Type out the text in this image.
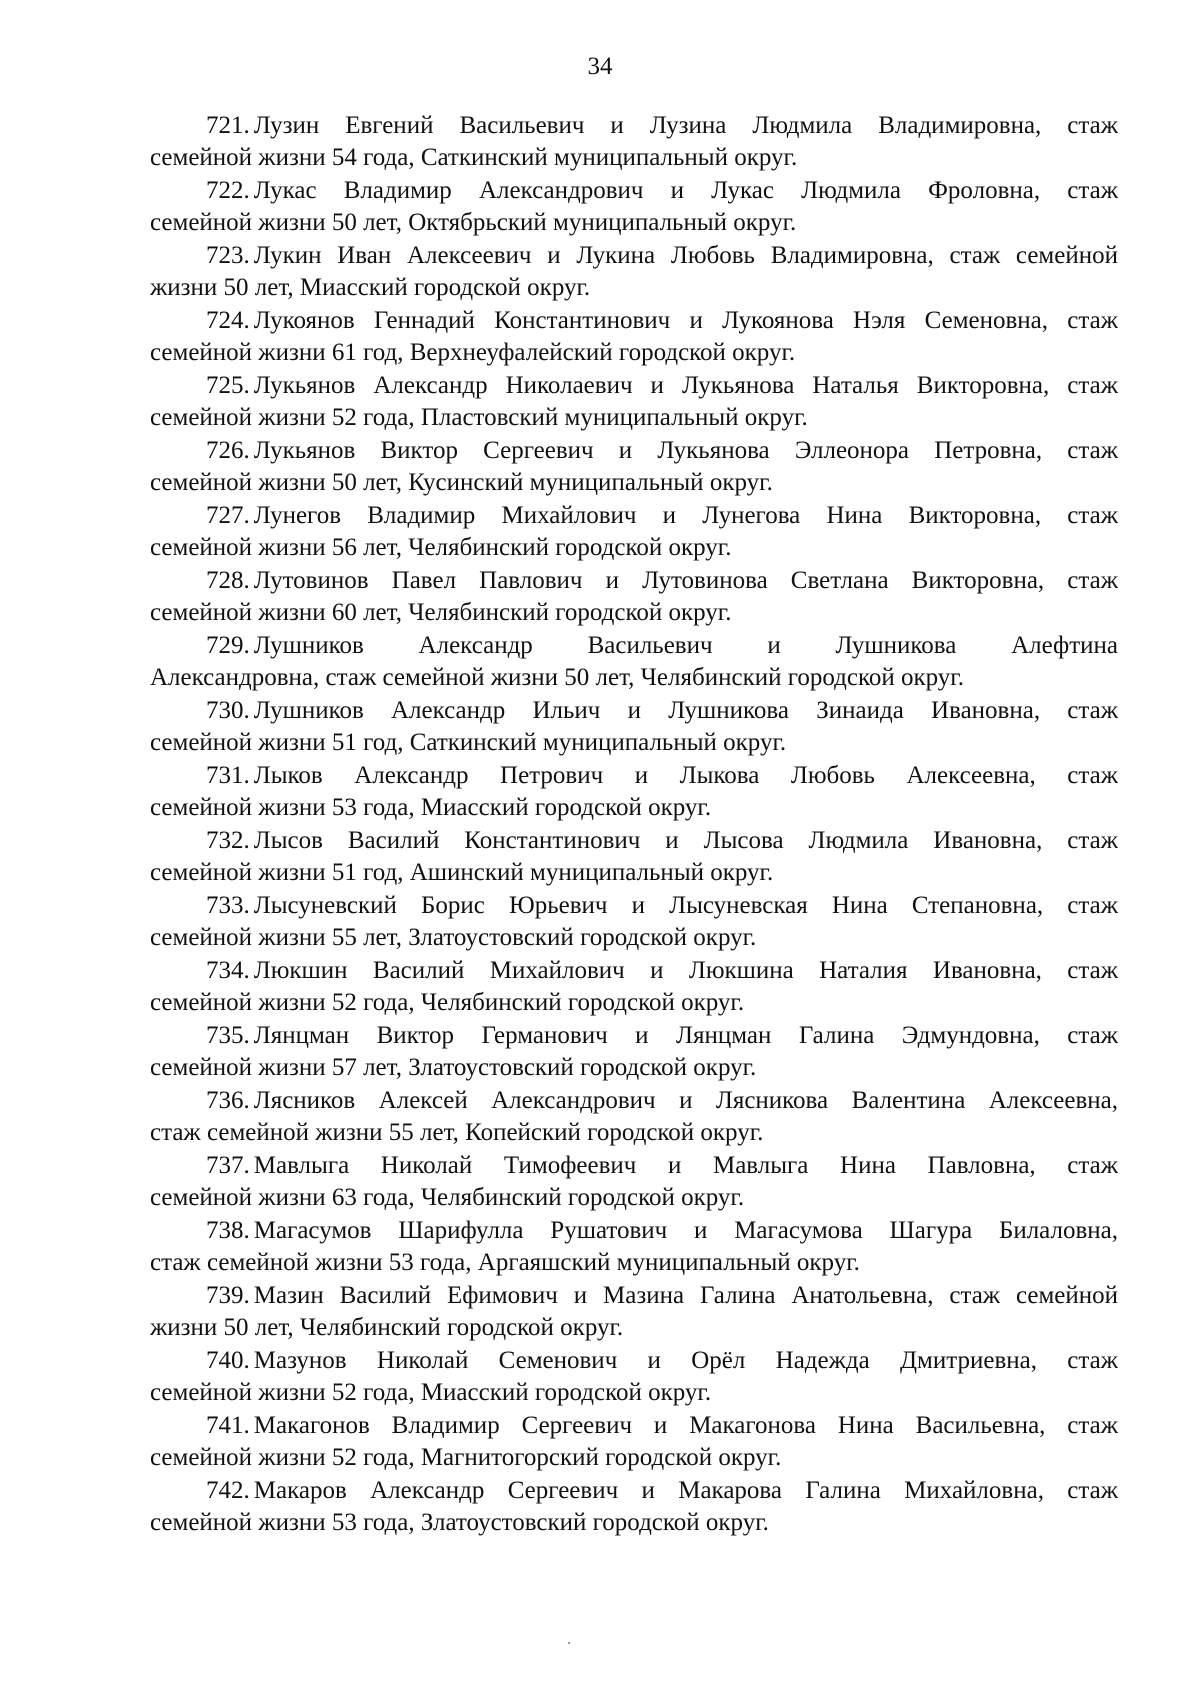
34
721. Лузин Евгений Васильевич и Лузина Людмила Владимировна, стаж
семейной жизни 54 года, Саткинский муниципальный округ.
722. Лукас Владимир Александрович и Лукас Людмила Фроловна, стаж
семейной жизни 50 лет, Октябрьский муниципальный округ.
723. Лукин Иван Алексеевич и Лукина Любовь Владимировна, стаж семейной
жизни 50 лет, Миасский городской округ.
724. Лукоянов Геннадий Константинович и Лукоянова Нэля Семеновна, стаж
семейной жизни 61 год, Верхнеуфалейский городской округ.
725. Лукьянов Александр Николаевич и Лукьянова Наталья Викторовна, стаж
семейной жизни 52 года, Пластовский муниципальный округ.
726. Лукьянов Виктор Сергеевич и Лукьянова Эллеонора Петровна, стаж
семейной жизни 50 лет, Кусинский муниципальный округ.
727. Лунегов Владимир Михайлович и Лунегова Нина Викторовна, стаж
семейной жизни 56 лет, Челябинский городской округ.
728. Лутовинов Павел Павлович и Лутовинова Светлана Викторовна, стаж
семейной жизни 60 лет, Челябинский городской округ.
729. Лушников Александр Васильевич и Лушникова Алефтина
Александровна, стаж семейной жизни 50 лет, Челябинский городской округ.
730. Лушников Александр Ильич и Лушникова Зинаида Ивановна, стаж
семейной жизни 51 год, Саткинский муниципальный округ.
731. Лыков Александр Петрович и Лыкова Любовь Алексеевна, стаж
семейной жизни 53 года, Миасский городской округ.
732. Лысов Василий Константинович и Лысова Людмила Ивановна, стаж
семейной жизни 51 год, Ашинский муниципальный округ.
733. Лысуневский Борис Юрьевич и Лысуневская Нина Степановна, стаж
семейной жизни 55 лет, Златоустовский городской округ.
734. Люкшин Василий Михайлович и Люкшина Наталия Ивановна, стаж
семейной жизни 52 года, Челябинский городской округ.
735. Лянцман Виктор Германович и Лянцман Галина Эдмундовна, стаж
семейной жизни 57 лет, Златоустовский городской округ.
736. Лясников Алексей Александрович и Лясникова Валентина Алексеевна,
стаж семейной жизни 55 лет, Копейский городской округ.
737. Мавлыга Николай Тимофеевич и Мавлыга Нина Павловна, стаж
семейной жизни 63 года, Челябинский городской округ.
738. Магасумов Шарифулла Рушатович и Магасумова Шагура Билаловна,
стаж семейной жизни 53 года, Аргаяшский муниципальный округ.
739. Мазин Василий Ефимович и Мазина Галина Анатольевна, стаж семейной
жизни 50 лет, Челябинский городской округ.
740. Мазунов Николай Семенович и Орёл Надежда Дмитриевна, стаж
семейной жизни 52 года, Миасский городской округ.
741. Макагонов Владимир Сергеевич и Макагонова Нина Васильевна, стаж
семейной жизни 52 года, Магнитогорский городской округ.
742. Макаров Александр Сергеевич и Макарова Галина Михайловна, стаж
семейной жизни 53 года, Златоустовский городской округ.
